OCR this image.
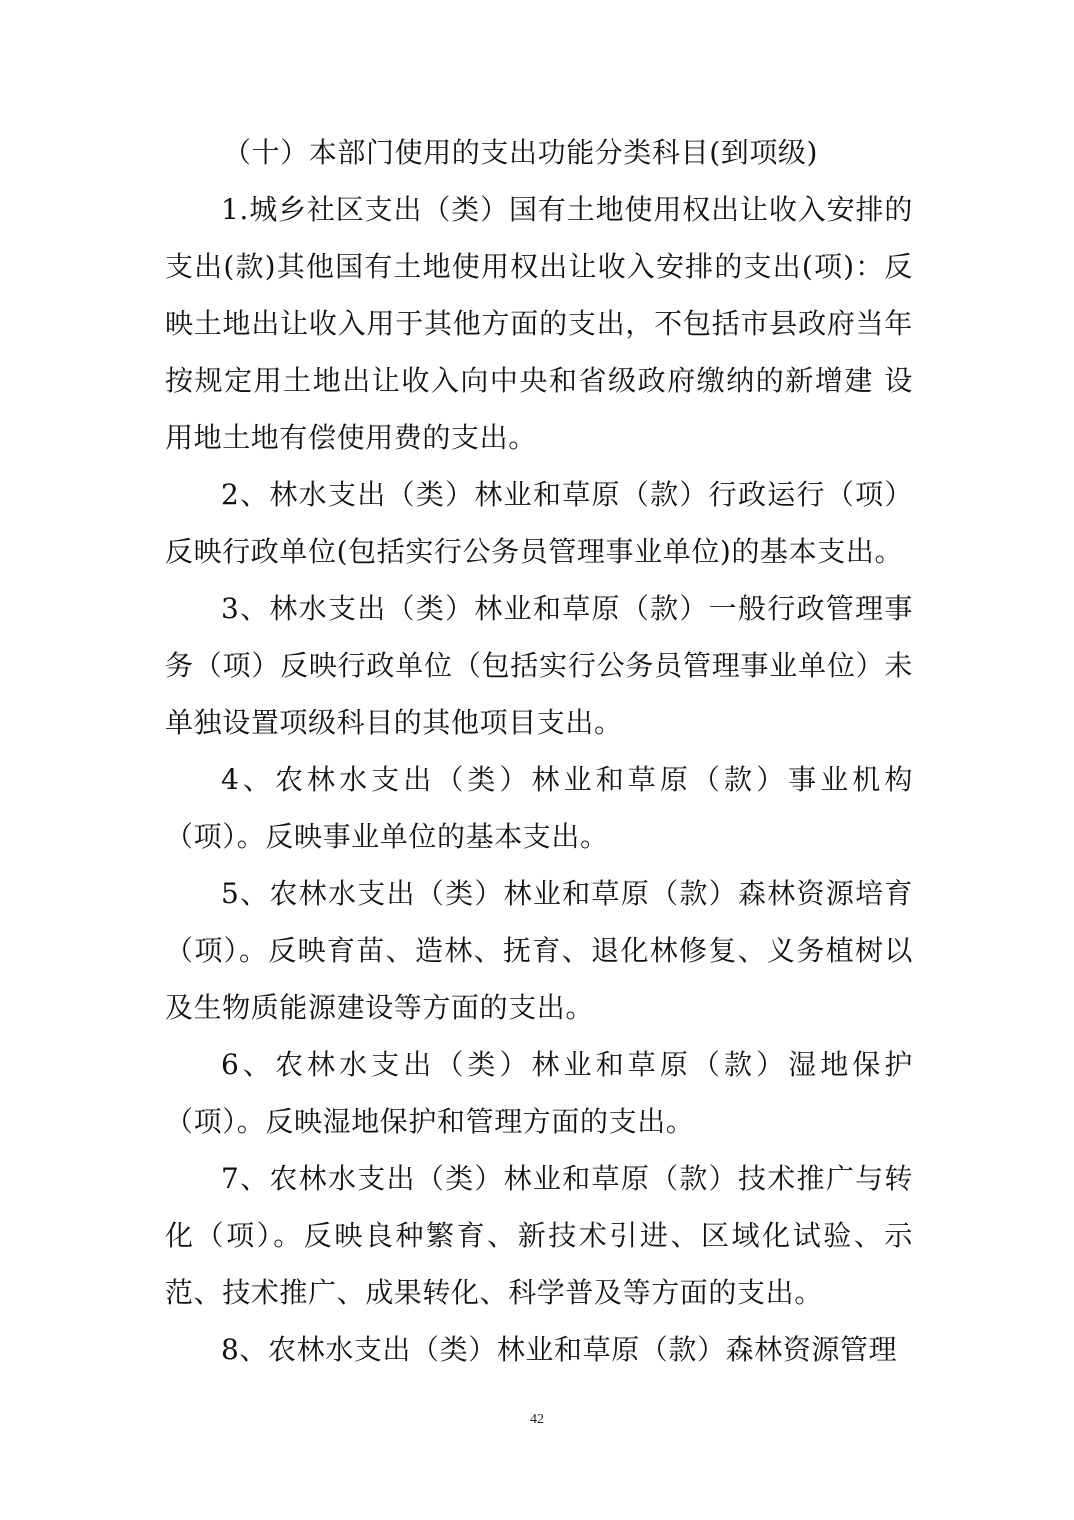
（十）本部门使用的支出功能分类科目(到项级)

1.城乡社区支出（类）国有土地使用权出让收入安排的支出(款)其他国有土地使用权出让收入安排的支出(项)：反映土地出让收入用于其他方面的支出，不包括市县政府当年按规定用土地出让收入向中央和省级政府缴纳的新增建 设用地土地有偿使用费的支出。

2、林水支出（类）林业和草原（款）行政运行（项）反映行政单位(包括实行公务员管理事业单位)的基本支出。

3、林水支出（类）林业和草原（款）一般行政管理事务（项）反映行政单位（包括实行公务员管理事业单位）未单独设置项级科目的其他项目支出。

4、农林水支出（类）林业和草原（款）事业机构（项）。反映事业单位的基本支出。

5、农林水支出（类）林业和草原（款）森林资源培育（项）。反映育苗、造林、抚育、退化林修复、义务植树以及生物质能源建设等方面的支出。

6、农林水支出（类）林业和草原（款）湿地保护（项）。反映湿地保护和管理方面的支出。

7、农林水支出（类）林业和草原（款）技术推广与转化（项）。反映良种繁育、新技术引进、区域化试验、示范、技术推广、成果转化、科学普及等方面的支出。

8、农林水支出（类）林业和草原（款）森林资源管理

42
